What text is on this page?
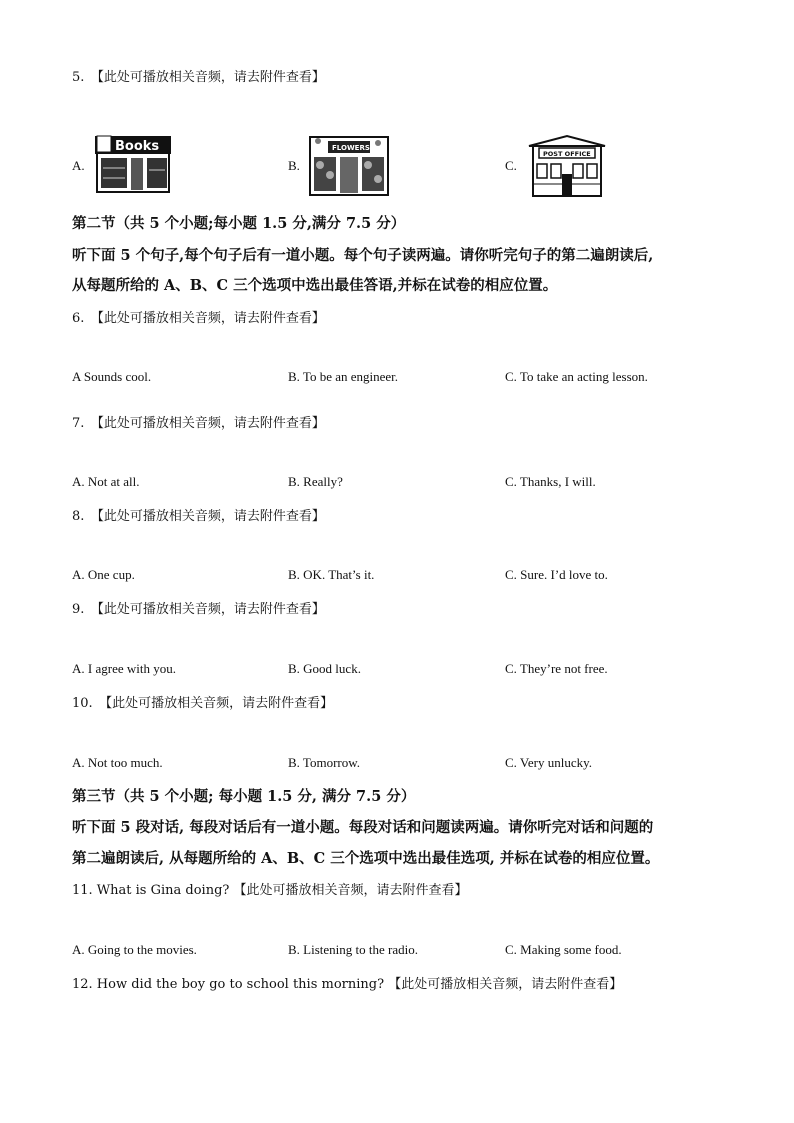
5.　【此处可播放相关音频，请去附件查看】
A.
Books
B.
FLOWERS
C.
POST OFFICE
第二节（共 5 个小题;每小题 1.5 分,满分 7.5 分）
听下面 5 个句子,每个句子后有一道小题。每个句子读两遍。请你听完句子的第二遍朗读后,
从每题所给的 A、B、C 三个选项中选出最佳答语,并标在试卷的相应位置。
6.　【此处可播放相关音频，请去附件查看】
A Sounds cool.	B. To be an engineer.	C. To take an acting lesson.
7.　【此处可播放相关音频，请去附件查看】
A. Not at all.	B. Really?	C. Thanks, I will.
8.　【此处可播放相关音频，请去附件查看】
A. One cup.	B. OK. That’s it.	C. Sure. I’d love to.
9.　【此处可播放相关音频，请去附件查看】
A. I agree with you.	B. Good luck.	C. They’re not free.
10.　【此处可播放相关音频，请去附件查看】
A. Not too much.	B. Tomorrow.	C. Very unlucky.
第三节（共 5 个小题; 每小题 1.5 分, 满分 7.5 分）
听下面 5 段对话, 每段对话后有一道小题。每段对话和问题读两遍。请你听完对话和问题的
第二遍朗读后, 从每题所给的 A、B、C 三个选项中选出最佳选项, 并标在试卷的相应位置。
11. What is Gina doing? 【此处可播放相关音频，请去附件查看】
A. Going to the movies.	B. Listening to the radio.	C. Making some food.
12. How did the boy go to school this morning? 【此处可播放相关音频，请去附件查看】
